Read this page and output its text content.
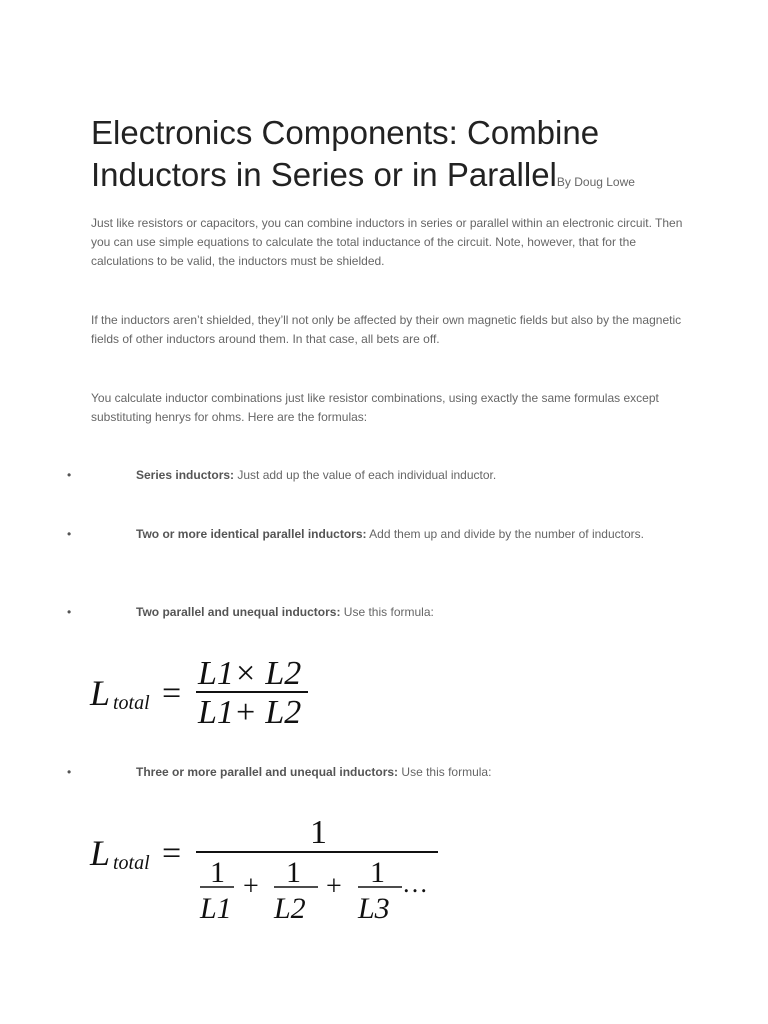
Electronics Components: Combine Inductors in Series or in ParallelBy Doug Lowe

Just like resistors or capacitors, you can combine inductors in series or parallel within an electronic circuit. Then you can use simple equations to calculate the total inductance of the circuit. Note, however, that for the calculations to be valid, the inductors must be shielded.

If the inductors aren’t shielded, they’ll not only be affected by their own magnetic fields but also by the magnetic fields of other inductors around them. In that case, all bets are off.

You calculate inductor combinations just like resistor combinations, using exactly the same formulas except substituting henrys for ohms. Here are the formulas:

•	Series inductors: Just add up the value of each individual inductor.
•	Two or more identical parallel inductors: Add them up and divide by the number of inductors.
•	Two parallel and unequal inductors: Use this formula:
L total =
L1× L2
L1+ L2
•	Three or more parallel and unequal inductors: Use this formula:
L total =
1
1
L1
+ 1
L2
+ 1
L3
…
